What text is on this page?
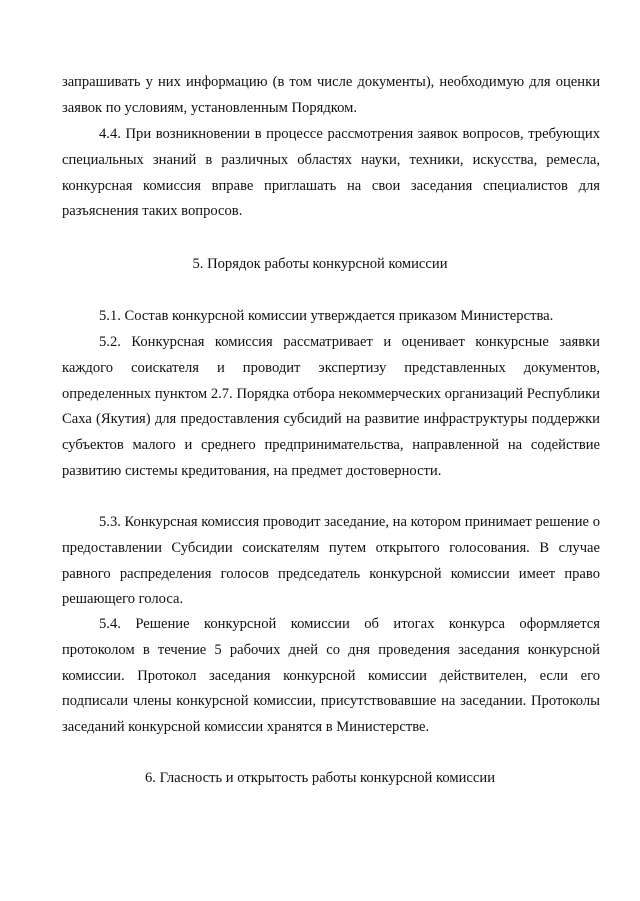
запрашивать у них информацию (в том числе документы), необходимую для оценки заявок по условиям, установленным Порядком.

4.4. При возникновении в процессе рассмотрения заявок вопросов, требующих специальных знаний в различных областях науки, техники, искусства, ремесла, конкурсная комиссия вправе приглашать на свои заседания специалистов для разъяснения таких вопросов.

5. Порядок работы конкурсной комиссии

5.1. Состав конкурсной комиссии утверждается приказом Министерства.

5.2. Конкурсная комиссия рассматривает и оценивает конкурсные заявки каждого соискателя и проводит экспертизу представленных документов, определенных пунктом 2.7. Порядка отбора некоммерческих организаций Республики Саха (Якутия) для предоставления субсидий на развитие инфраструктуры поддержки субъектов малого и среднего предпринимательства, направленной на содействие развитию системы кредитования, на предмет достоверности.

5.3. Конкурсная комиссия проводит заседание, на котором принимает решение о предоставлении Субсидии соискателям путем открытого голосования. В случае равного распределения голосов председатель конкурсной комиссии имеет право решающего голоса.

5.4. Решение конкурсной комиссии об итогах конкурса оформляется протоколом в течение 5 рабочих дней со дня проведения заседания конкурсной комиссии. Протокол заседания конкурсной комиссии действителен, если его подписали члены конкурсной комиссии, присутствовавшие на заседании. Протоколы заседаний конкурсной комиссии хранятся в Министерстве.

6. Гласность и открытость работы конкурсной комиссии
